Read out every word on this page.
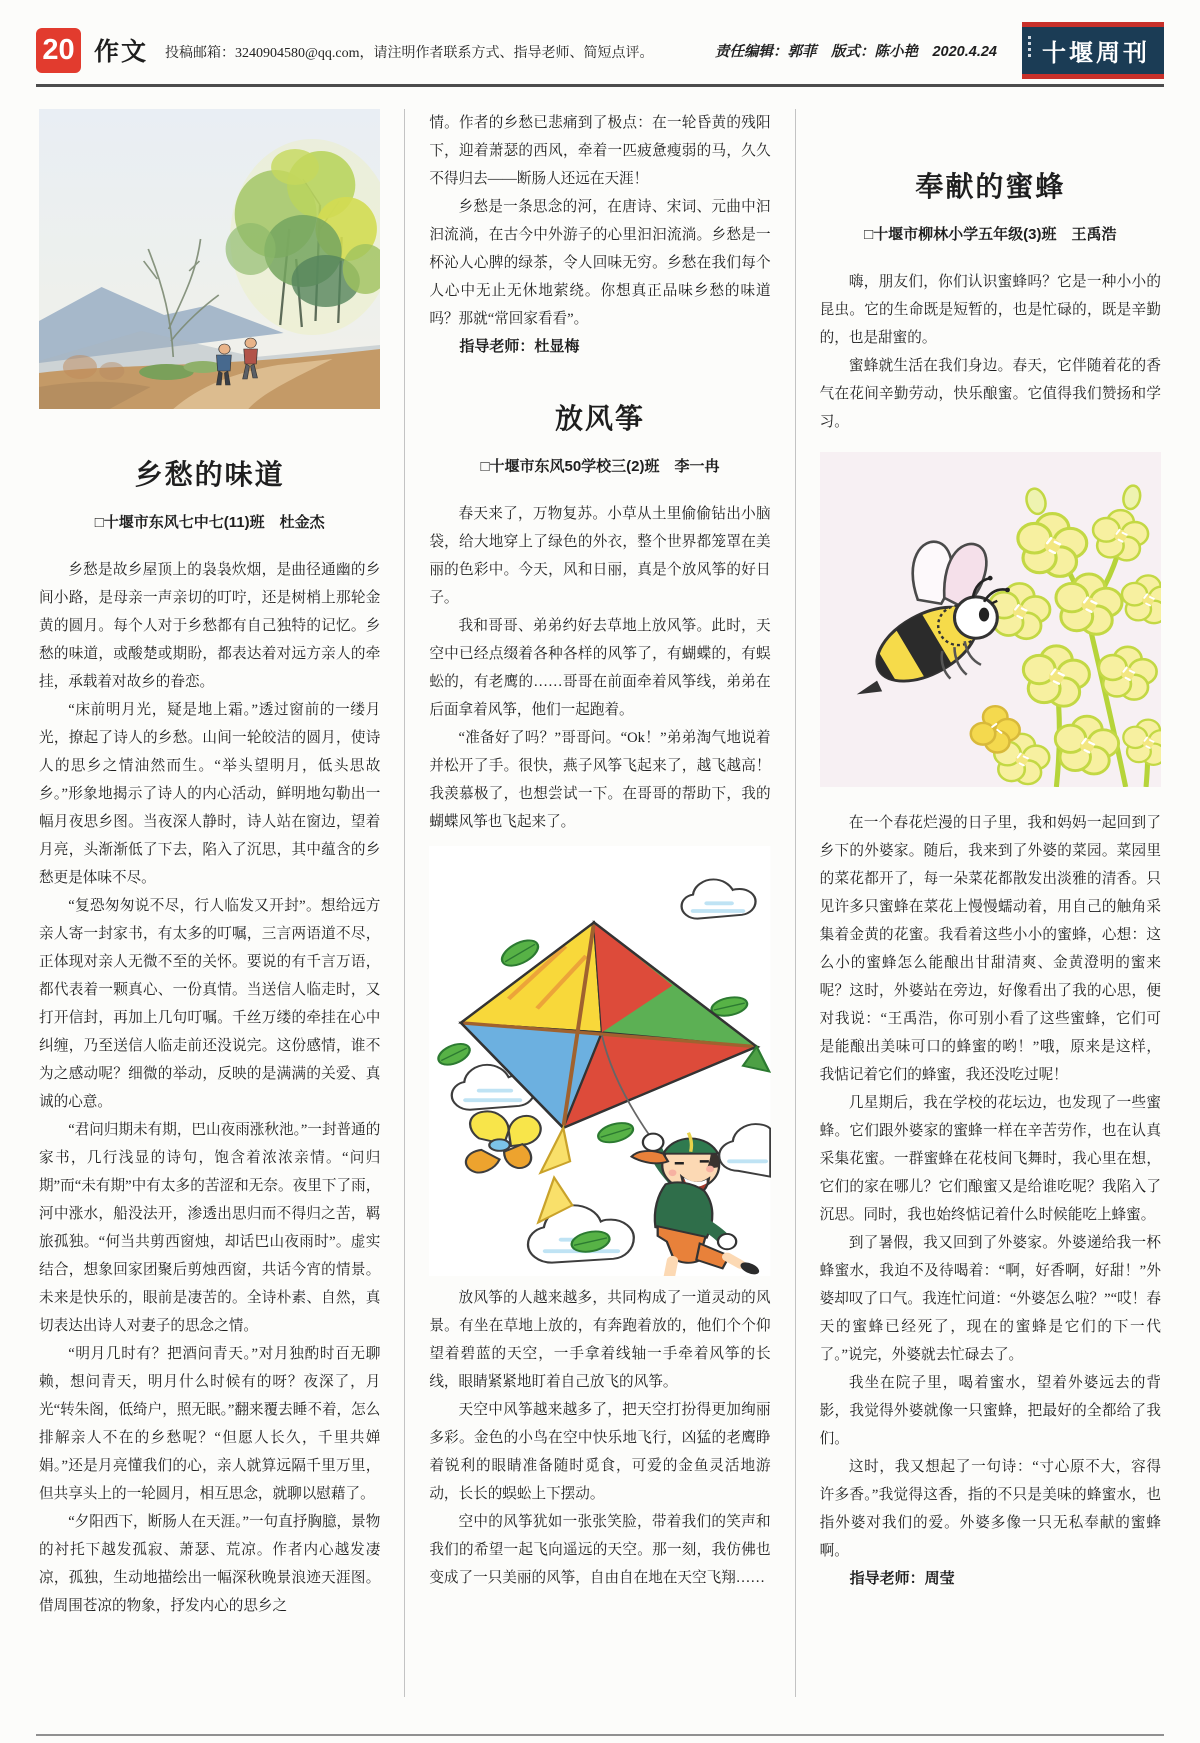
20 作文 投稿邮箱：3240904580@qq.com，请注明作者联系方式、指导老师、简短点评。	责任编辑：郭菲　版式：陈小艳　2020.4.24 十堰周刊
乡愁的味道
□十堰市东风七中七(11)班　杜金杰

乡愁是故乡屋顶上的袅袅炊烟，是曲径通幽的乡间小路，是母亲一声亲切的叮咛，还是树梢上那轮金黄的圆月。每个人对于乡愁都有自己独特的记忆。乡愁的味道，或酸楚或期盼，都表达着对远方亲人的牵挂，承载着对故乡的眷恋。

“床前明月光，疑是地上霜。”透过窗前的一缕月光，撩起了诗人的乡愁。山间一轮皎洁的圆月，使诗人的思乡之情油然而生。“举头望明月，低头思故乡。”形象地揭示了诗人的内心活动，鲜明地勾勒出一幅月夜思乡图。当夜深人静时，诗人站在窗边，望着月亮，头渐渐低了下去，陷入了沉思，其中蕴含的乡愁更是体味不尽。

“复恐匆匆说不尽，行人临发又开封”。想给远方亲人寄一封家书，有太多的叮嘱，三言两语道不尽，正体现对亲人无微不至的关怀。要说的有千言万语，都代表着一颗真心、一份真情。当送信人临走时，又打开信封，再加上几句叮嘱。千丝万缕的牵挂在心中纠缠，乃至送信人临走前还没说完。这份感情，谁不为之感动呢？细微的举动，反映的是满满的关爱、真诚的心意。

“君问归期未有期，巴山夜雨涨秋池。”一封普通的家书，几行浅显的诗句，饱含着浓浓亲情。“问归期”而“未有期”中有太多的苦涩和无奈。夜里下了雨，河中涨水，船没法开，渗透出思归而不得归之苦，羁旅孤独。“何当共剪西窗烛，却话巴山夜雨时”。虚实结合，想象回家团聚后剪烛西窗，共话今宵的情景。未来是快乐的，眼前是凄苦的。全诗朴素、自然，真切表达出诗人对妻子的思念之情。

“明月几时有？把酒问青天。”对月独酌时百无聊赖，想问青天，明月什么时候有的呀？夜深了，月光“转朱阁，低绮户，照无眠。”翻来覆去睡不着，怎么排解亲人不在的乡愁呢？“但愿人长久，千里共婵娟。”还是月亮懂我们的心，亲人就算远隔千里万里，但共享头上的一轮圆月，相互思念，就聊以慰藉了。

“夕阳西下，断肠人在天涯。”一句直抒胸臆，景物的衬托下越发孤寂、萧瑟、荒凉。作者内心越发凄凉，孤独，生动地描绘出一幅深秋晚景浪迹天涯图。借周围苍凉的物象，抒发内心的思乡之

情。作者的乡愁已悲痛到了极点：在一轮昏黄的残阳下，迎着萧瑟的西风，牵着一匹疲惫瘦弱的马，久久不得归去——断肠人还远在天涯！

乡愁是一条思念的河，在唐诗、宋词、元曲中汩汩流淌，在古今中外游子的心里汩汩流淌。乡愁是一杯沁人心脾的绿茶，令人回味无穷。乡愁在我们每个人心中无止无休地萦绕。你想真正品味乡愁的味道吗？那就“常回家看看”。

指导老师：杜显梅
放风筝
□十堰市东风50学校三(2)班　李一冉

春天来了，万物复苏。小草从土里偷偷钻出小脑袋，给大地穿上了绿色的外衣，整个世界都笼罩在美丽的色彩中。今天，风和日丽，真是个放风筝的好日子。

我和哥哥、弟弟约好去草地上放风筝。此时，天空中已经点缀着各种各样的风筝了，有蝴蝶的，有蜈蚣的，有老鹰的……哥哥在前面牵着风筝线，弟弟在后面拿着风筝，他们一起跑着。

“准备好了吗？”哥哥问。“Ok！”弟弟淘气地说着并松开了手。很快，燕子风筝飞起来了，越飞越高！我羡慕极了，也想尝试一下。在哥哥的帮助下，我的蝴蝶风筝也飞起来了。

放风筝的人越来越多，共同构成了一道灵动的风景。有坐在草地上放的，有奔跑着放的，他们个个仰望着碧蓝的天空，一手拿着线轴一手牵着风筝的长线，眼睛紧紧地盯着自己放飞的风筝。

天空中风筝越来越多了，把天空打扮得更加绚丽多彩。金色的小鸟在空中快乐地飞行，凶猛的老鹰睁着锐利的眼睛准备随时觅食，可爱的金鱼灵活地游动，长长的蜈蚣上下摆动。

空中的风筝犹如一张张笑脸，带着我们的笑声和我们的希望一起飞向遥远的天空。那一刻，我仿佛也变成了一只美丽的风筝，自由自在地在天空飞翔……

奉献的蜜蜂
□十堰市柳林小学五年级(3)班　王禹浩

嗨，朋友们，你们认识蜜蜂吗？它是一种小小的昆虫。它的生命既是短暂的，也是忙碌的，既是辛勤的，也是甜蜜的。

蜜蜂就生活在我们身边。春天，它伴随着花的香气在花间辛勤劳动，快乐酿蜜。它值得我们赞扬和学习。

在一个春花烂漫的日子里，我和妈妈一起回到了乡下的外婆家。随后，我来到了外婆的菜园。菜园里的菜花都开了，每一朵菜花都散发出淡雅的清香。只见许多只蜜蜂在菜花上慢慢蠕动着，用自己的触角采集着金黄的花蜜。我看着这些小小的蜜蜂，心想：这么小的蜜蜂怎么能酿出甘甜清爽、金黄澄明的蜜来呢？这时，外婆站在旁边，好像看出了我的心思，便对我说：“王禹浩，你可别小看了这些蜜蜂，它们可是能酿出美味可口的蜂蜜的哟！”哦，原来是这样，我惦记着它们的蜂蜜，我还没吃过呢！

几星期后，我在学校的花坛边，也发现了一些蜜蜂。它们跟外婆家的蜜蜂一样在辛苦劳作，也在认真采集花蜜。一群蜜蜂在花枝间飞舞时，我心里在想，它们的家在哪儿？它们酿蜜又是给谁吃呢？我陷入了沉思。同时，我也始终惦记着什么时候能吃上蜂蜜。

到了暑假，我又回到了外婆家。外婆递给我一杯蜂蜜水，我迫不及待喝着：“啊，好香啊，好甜！”外婆却叹了口气。我连忙问道：“外婆怎么啦？”“哎！春天的蜜蜂已经死了，现在的蜜蜂是它们的下一代了。”说完，外婆就去忙碌去了。

我坐在院子里，喝着蜜水，望着外婆远去的背影，我觉得外婆就像一只蜜蜂，把最好的全都给了我们。

这时，我又想起了一句诗：“寸心原不大，容得许多香。”我觉得这香，指的不只是美味的蜂蜜水，也指外婆对我们的爱。外婆多像一只无私奉献的蜜蜂啊。

指导老师：周莹
